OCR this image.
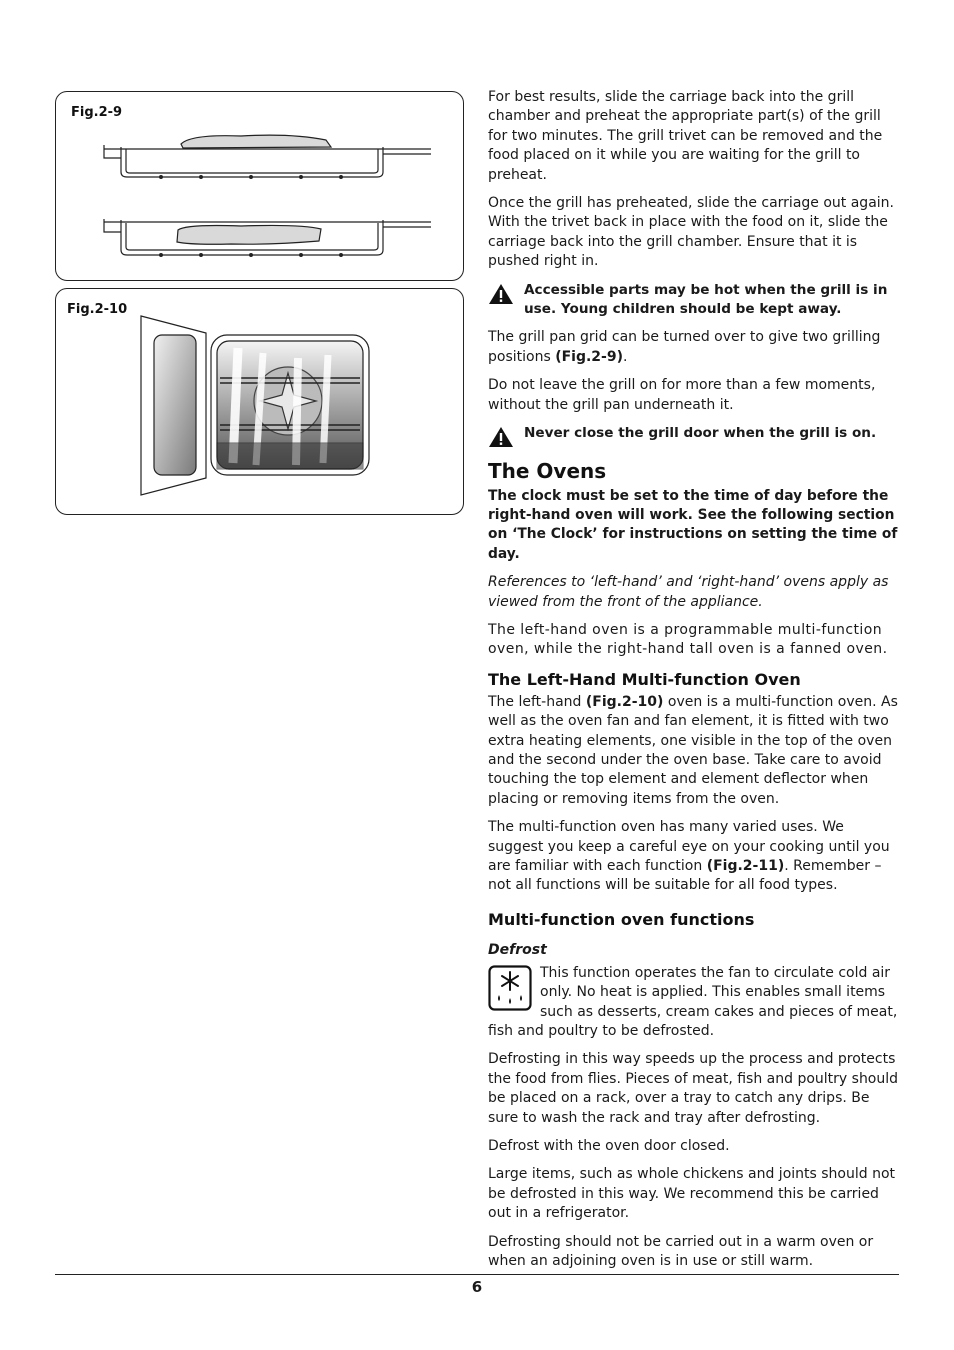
Fig.2-9
Fig.2-10

For best results, slide the carriage back into the grill chamber and preheat the appropriate part(s) of the grill for two minutes. The grill trivet can be removed and the food placed on it while you are waiting for the grill to preheat.

Once the grill has preheated, slide the carriage out again. With the trivet back in place with the food on it, slide the carriage back into the grill chamber. Ensure that it is pushed right in.

Accessible parts may be hot when the grill is in use. Young children should be kept away.

The grill pan grid can be turned over to give two grilling positions (Fig.2-9).

Do not leave the grill on for more than a few moments, without the grill pan underneath it.

Never close the grill door when the grill is on.
The Ovens

The clock must be set to the time of day before the right-hand oven will work. See the following section on ‘The Clock’ for instructions on setting the time of day.

References to ‘left-hand’ and ‘right-hand’ ovens apply as viewed from the front of the appliance.

The left-hand oven is a programmable multi-function oven, while the right-hand tall oven is a fanned oven.

The Left-Hand Multi-function Oven

The left-hand (Fig.2-10) oven is a multi-function oven. As well as the oven fan and fan element, it is fitted with two extra heating elements, one visible in the top of the oven and the second under the oven base. Take care to avoid touching the top element and element deflector when placing or removing items from the oven.

The multi-function oven has many varied uses. We suggest you keep a careful eye on your cooking until you are familiar with each function (Fig.2-11). Remember – not all functions will be suitable for all food types.

Multi-function oven functions
Defrost

This function operates the fan to circulate cold air only. No heat is applied. This enables small items such as desserts, cream cakes and pieces of meat, fish and poultry to be defrosted.

Defrosting in this way speeds up the process and protects the food from flies. Pieces of meat, fish and poultry should be placed on a rack, over a tray to catch any drips. Be sure to wash the rack and tray after defrosting.

Defrost with the oven door closed.

Large items, such as whole chickens and joints should not be defrosted in this way. We recommend this be carried out in a refrigerator.

Defrosting should not be carried out in a warm oven or when an adjoining oven is in use or still warm.

6
